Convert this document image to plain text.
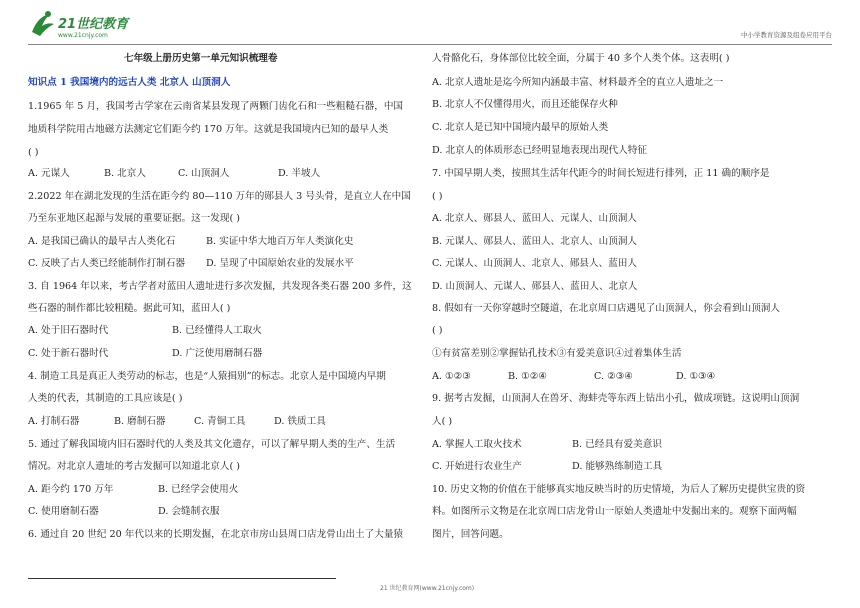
21世纪教育
www.21cnjy.com	中小学教育资源及组卷应用平台
七年级上册历史第一单元知识梳理卷
知识点 1 我国境内的远古人类 北京人 山顶洞人
1.1965 年 5 月，我国考古学家在云南省某县发现了两颗门齿化石和一些粗糙石器，中国
地质科学院用古地磁方法测定它们距今约 170 万年。这就是我国境内已知的最早人类
( )
A. 元谋人	B. 北京人	C. 山顶洞人	D. 半坡人
2.2022 年在湖北发现的生活在距今约 80—110 万年的郧县人 3 号头骨，是直立人在中国
乃至东亚地区起源与发展的重要证据。这一发现( )
A. 是我国已确认的最早古人类化石	B. 实证中华大地百万年人类演化史
C. 反映了古人类已经能制作打制石器 D. 呈现了中国原始农业的发展水平
3. 自 1964 年以来，考古学者对蓝田人遗址进行多次发掘，共发现各类石器 200 多件，这
些石器的制作都比较粗糙。据此可知，蓝田人( )
A. 处于旧石器时代	B. 已经懂得人工取火
C. 处于新石器时代	D. 广泛使用磨制石器
4. 制造工具是真正人类劳动的标志，也是“人猿揖别”的标志。北京人是中国境内早期
人类的代表，其制造的工具应该是( )
A. 打制石器	B. 磨制石器	C. 青铜工具	D. 铁质工具
5. 通过了解我国境内旧石器时代的人类及其文化遗存，可以了解早期人类的生产、生活
情况。对北京人遗址的考古发掘可以知道北京人( )
A. 距今约 170 万年	B. 已经学会使用火
C. 使用磨制石器	D. 会缝制衣服
6. 通过自 20 世纪 20 年代以来的长期发掘，在北京市房山县周口店龙骨山出土了大量猿
人骨骼化石，身体部位比较全面，分属于 40 多个人类个体。这表明( )
A. 北京人遗址是迄今所知内涵最丰富、材料最齐全的直立人遗址之一
B. 北京人不仅懂得用火，而且还能保存火种
C. 北京人是已知中国境内最早的原始人类
D. 北京人的体质形态已经明显地表现出现代人特征
7. 中国早期人类，按照其生活年代距今的时间长短进行排列，正 11 确的顺序是
( )
A. 北京人、郧县人、蓝田人、元谋人、山顶洞人
B. 元谋人、郧县人、蓝田人、北京人、山顶洞人
C. 元谋人、山顶洞人、北京人、郧县人、蓝田人
D. 山顶洞人、元谋人、郧县人、蓝田人、北京人
8. 假如有一天你穿越时空隧道，在北京周口店遇见了山顶洞人，你会看到山顶洞人
( )
①有贫富差别②掌握钻孔技术③有爱美意识④过着集体生活
A. ①②③	B. ①②④	C. ②③④	D. ①③④
9. 据考古发掘，山顶洞人在兽牙、海蚌壳等东西上钻出小孔，做成项链。这说明山顶洞
人( )
A. 掌握人工取火技术	B. 已经具有爱美意识
C. 开始进行农业生产	D. 能够熟练制造工具
10. 历史文物的价值在于能够真实地反映当时的历史情境，为后人了解历史提供宝贵的资
料。如图所示文物是在北京周口店龙骨山一原始人类遗址中发掘出来的。观察下面两幅
图片，回答问题。
21 世纪教育网(www.21cnjy.com)
